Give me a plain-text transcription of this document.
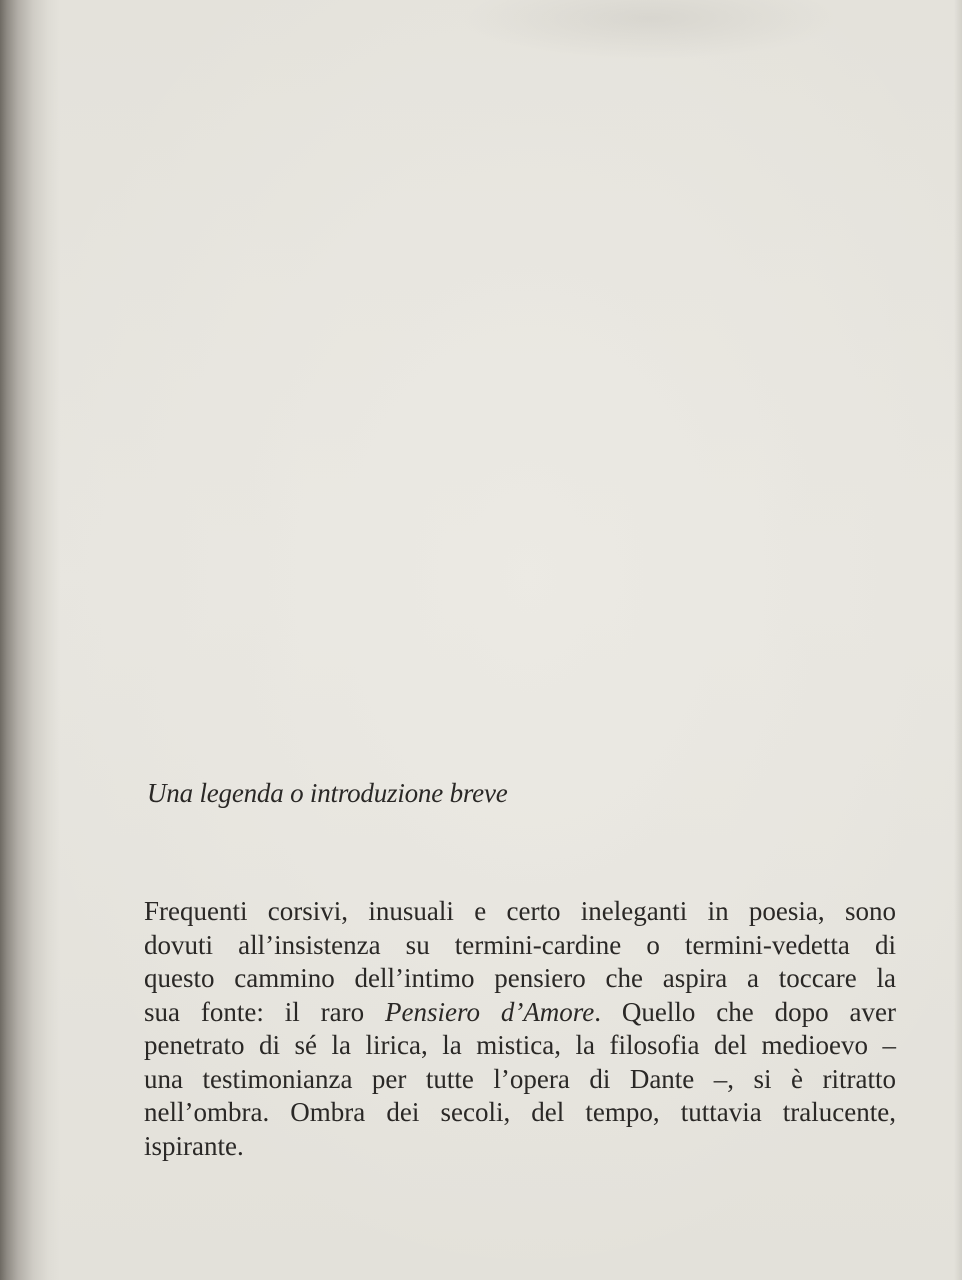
Una legenda o introduzione breve

Frequenti corsivi, inusuali e certo ineleganti in poesia, sono
dovuti all’insistenza su termini-cardine o termini-vedetta di
questo cammino dell’intimo pensiero che aspira a toccare la
sua fonte: il raro Pensiero d’Amore. Quello che dopo aver
penetrato di sé la lirica, la mistica, la filosofia del medioevo –
una testimonianza per tutte l’opera di Dante –, si è ritratto
nell’ombra. Ombra dei secoli, del tempo, tuttavia tralucente,
ispirante.
